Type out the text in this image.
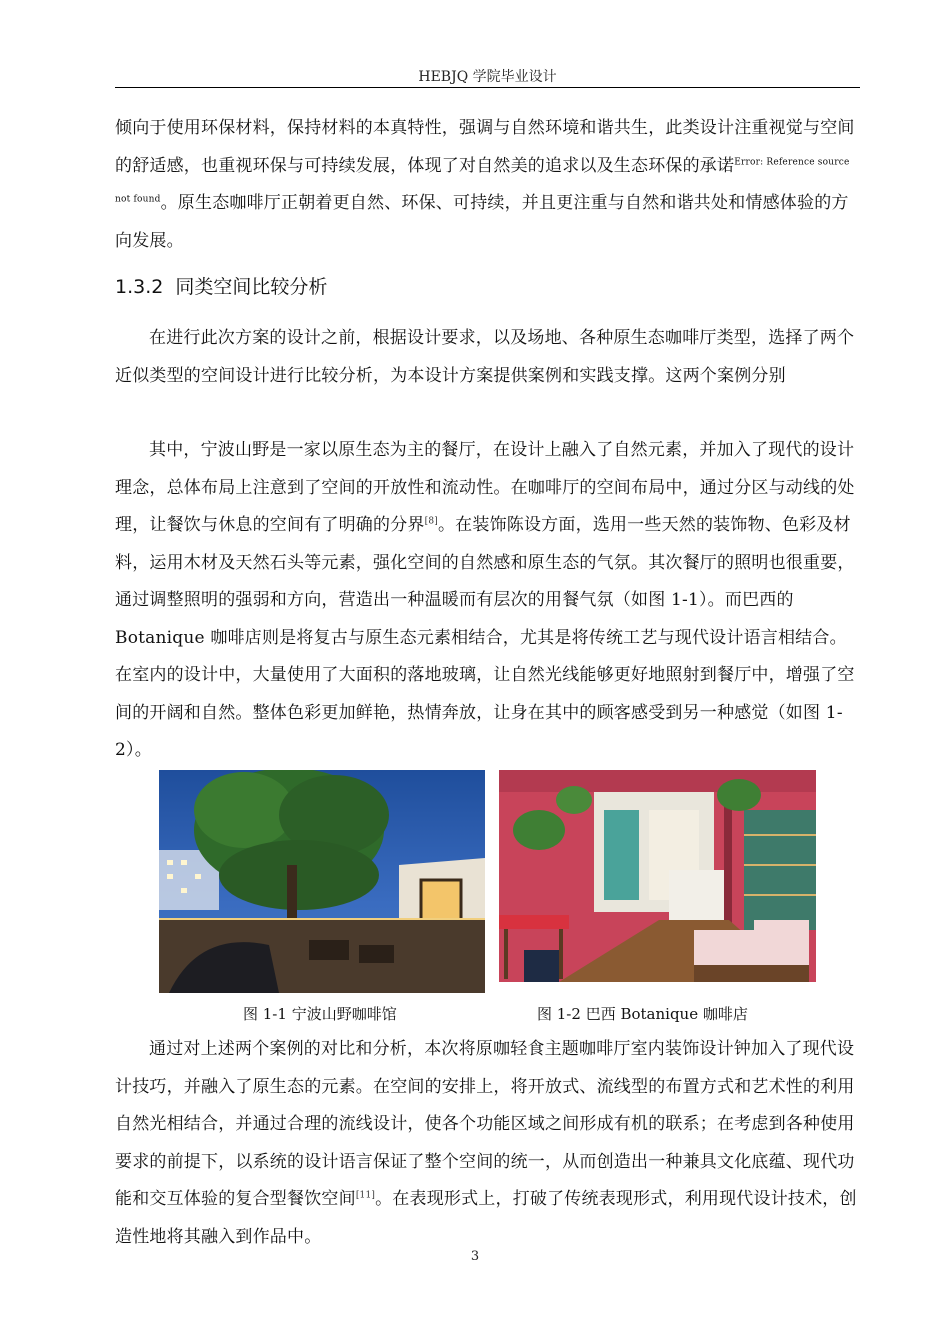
HEBJQ 学院毕业设计
倾向于使用环保材料，保持材料的本真特性，强调与自然环境和谐共生，此类设计注重视觉与空间的舒适感，也重视环保与可持续发展，体现了对自然美的追求以及生态环保的承诺$^{Error: Reference source not found}$。原生态咖啡厅正朝着更自然、环保、可持续，并且更注重与自然和谐共处和情感体验的方向发展。
1.3.2 同类空间比较分析
在进行此次方案的设计之前，根据设计要求，以及场地、各种原生态咖啡厅类型，选择了两个近似类型的空间设计进行比较分析，为本设计方案提供案例和实践支撑。这两个案例分别
其中，宁波山野是一家以原生态为主的餐厅，在设计上融入了自然元素，并加入了现代的设计理念，总体布局上注意到了空间的开放性和流动性。在咖啡厅的空间布局中，通过分区与动线的处理，让餐饮与休息的空间有了明确的分界[8]。在装饰陈设方面，选用一些天然的装饰物、色彩及材料，运用木材及天然石头等元素，强化空间的自然感和原生态的气氛。其次餐厅的照明也很重要，通过调整照明的强弱和方向，营造出一种温暖而有层次的用餐气氛（如图 1-1）。而巴西的 Botanique 咖啡店则是将复古与原生态元素相结合，尤其是将传统工艺与现代设计语言相结合。在室内的设计中，大量使用了大面积的落地玻璃，让自然光线能够更好地照射到餐厅中，增强了空间的开阔和自然。整体色彩更加鲜艳，热情奔放，让身在其中的顾客感受到另一种感觉（如图 1-2）。
图 1-1 宁波山野咖啡馆	图 1-2 巴西 Botanique 咖啡店
通过对上述两个案例的对比和分析，本次将原咖轻食主题咖啡厅室内装饰设计钟加入了现代设计技巧，并融入了原生态的元素。在空间的安排上，将开放式、流线型的布置方式和艺术性的利用自然光相结合，并通过合理的流线设计，使各个功能区域之间形成有机的联系；在考虑到各种使用要求的前提下，以系统的设计语言保证了整个空间的统一，从而创造出一种兼具文化底蕴、现代功能和交互体验的复合型餐饮空间[11]。在表现形式上，打破了传统表现形式，利用现代设计技术，创造性地将其融入到作品中。
3
